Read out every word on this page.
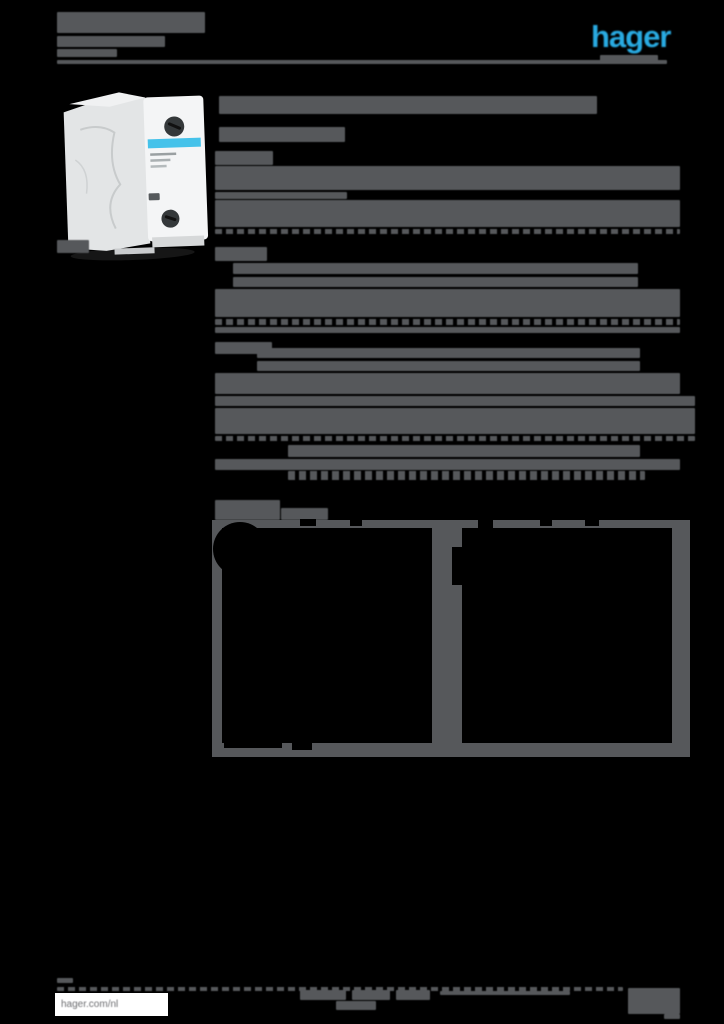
hager
hager.com/nl
